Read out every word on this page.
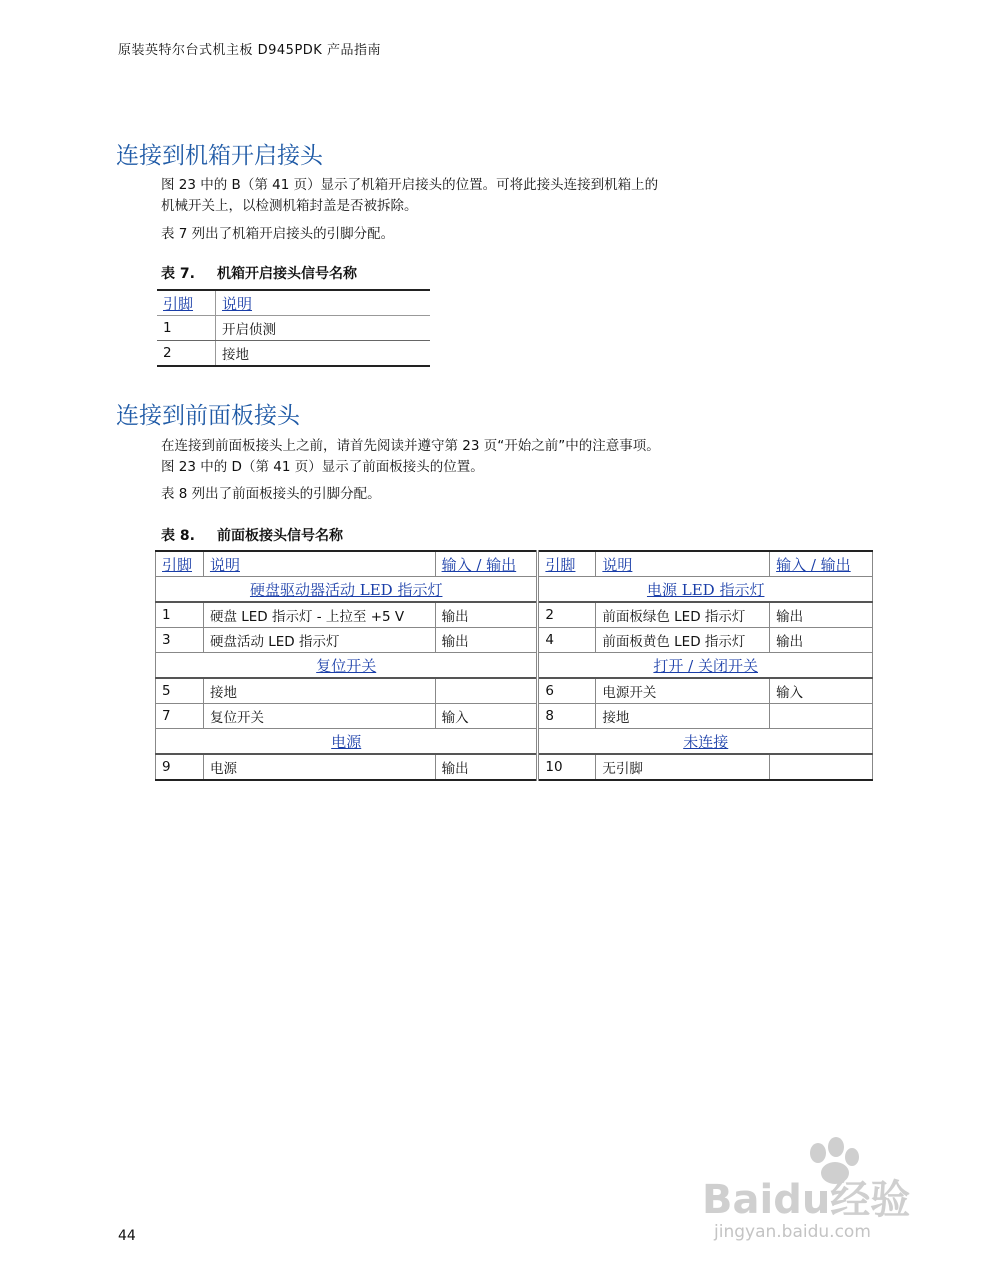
原装英特尔台式机主板 D945PDK 产品指南
连接到机箱开启接头

图 23 中的 B（第 41 页）显示了机箱开启接头的位置。可将此接头连接到机箱上的
机械开关上，以检测机箱封盖是否被拆除。

表 7 列出了机箱开启接头的引脚分配。

表 7. 机箱开启接头信号名称
引脚	说明
1	开启侦测
2	接地
连接到前面板接头

在连接到前面板接头上之前，请首先阅读并遵守第 23 页“开始之前”中的注意事项。
图 23 中的 D（第 41 页）显示了前面板接头的位置。

表 8 列出了前面板接头的引脚分配。

表 8. 前面板接头信号名称
引脚	说明	输入 / 输出	引脚	说明	输入 / 输出
硬盘驱动器活动 LED 指示灯			电源 LED 指示灯		
1	硬盘 LED 指示灯 - 上拉至 +5 V	输出	2	前面板绿色 LED 指示灯	输出
3	硬盘活动 LED 指示灯	输出	4	前面板黄色 LED 指示灯	输出
复位开关			打开 / 关闭开关		
5	接地		6	电源开关	输入
7	复位开关	输入	8	接地	
电源			未连接		
9	电源	输出	10	无引脚	
44
Baidu经验
jingyan.baidu.com
